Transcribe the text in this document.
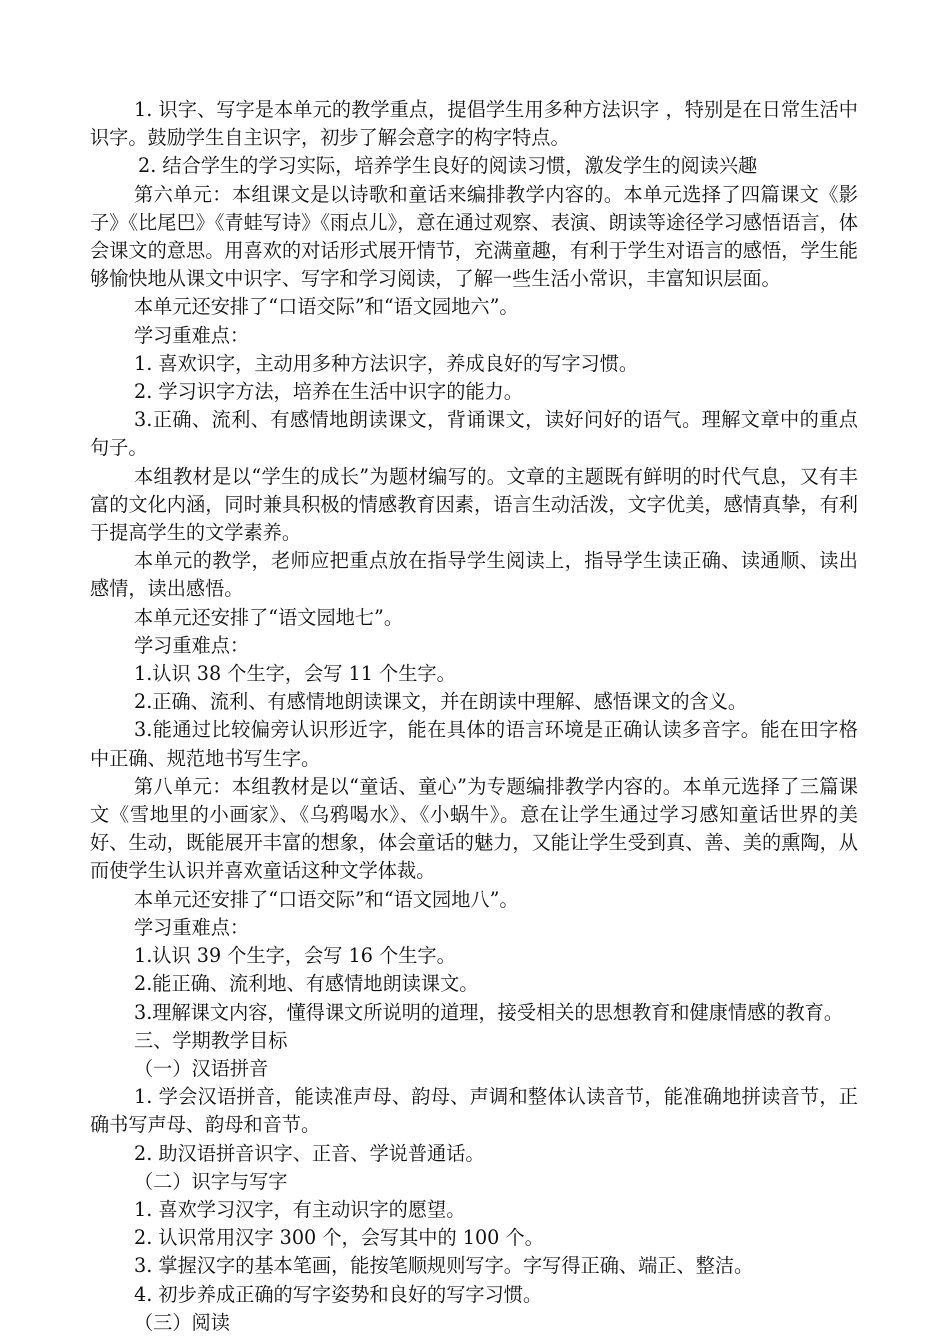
1. 识字、写字是本单元的教学重点，提倡学生用多种方法识字 ，特别是在日常生活中识字。鼓励学生自主识字，初步了解会意字的构字特点。

2. 结合学生的学习实际，培养学生良好的阅读习惯，激发学生的阅读兴趣

第六单元：本组课文是以诗歌和童话来编排教学内容的。本单元选择了四篇课文《影子》《比尾巴》《青蛙写诗》《雨点儿》，意在通过观察、表演、朗读等途径学习感悟语言，体会课文的意思。用喜欢的对话形式展开情节，充满童趣，有利于学生对语言的感悟，学生能够愉快地从课文中识字、写字和学习阅读，了解一些生活小常识，丰富知识层面。

本单元还安排了“口语交际”和“语文园地六”。

学习重难点：

1. 喜欢识字，主动用多种方法识字，养成良好的写字习惯。

2. 学习识字方法，培养在生活中识字的能力。

3.正确、流利、有感情地朗读课文，背诵课文，读好问好的语气。理解文章中的重点句子。

本组教材是以“学生的成长”为题材编写的。文章的主题既有鲜明的时代气息，又有丰富的文化内涵，同时兼具积极的情感教育因素，语言生动活泼，文字优美，感情真挚，有利于提高学生的文学素养。

本单元的教学，老师应把重点放在指导学生阅读上，指导学生读正确、读通顺、读出感情，读出感悟。

本单元还安排了“语文园地七”。

学习重难点：

1.认识 38 个生字，会写 11 个生字。

2.正确、流利、有感情地朗读课文，并在朗读中理解、感悟课文的含义。

3.能通过比较偏旁认识形近字，能在具体的语言环境是正确认读多音字。能在田字格中正确、规范地书写生字。

第八单元：本组教材是以“童话、童心”为专题编排教学内容的。本单元选择了三篇课文《雪地里的小画家》、《乌鸦喝水》、《小蜗牛》。意在让学生通过学习感知童话世界的美好、生动，既能展开丰富的想象，体会童话的魅力，又能让学生受到真、善、美的熏陶，从而使学生认识并喜欢童话这种文学体裁。

本单元还安排了“口语交际”和“语文园地八”。

学习重难点：

1.认识 39 个生字，会写 16 个生字。

2.能正确、流利地、有感情地朗读课文。

3.理解课文内容，懂得课文所说明的道理，接受相关的思想教育和健康情感的教育。

三、学期教学目标

（一）汉语拼音

1. 学会汉语拼音，能读准声母、韵母、声调和整体认读音节，能准确地拼读音节，正确书写声母、韵母和音节。

2. 助汉语拼音识字、正音、学说普通话。

（二）识字与写字

1. 喜欢学习汉字，有主动识字的愿望。

2. 认识常用汉字 300 个，会写其中的 100 个。

3. 掌握汉字的基本笔画，能按笔顺规则写字。字写得正确、端正、整洁。

4. 初步养成正确的写字姿势和良好的写字习惯。

（三）阅读
